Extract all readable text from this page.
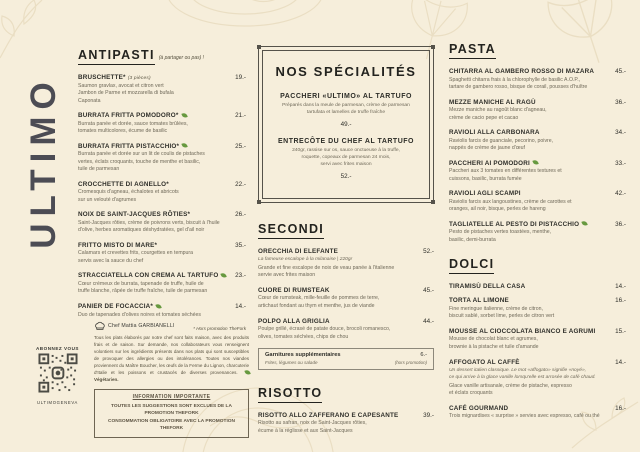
ULTIMO
ANTIPASTI (à partager ou pas) !
BRUSCHETTE* (3 pièces)	19.-
Saumon gravlax, avocat et citron vert
Jambon de Parme et mozzarella di bufala
Caponata
BURRATA FRITTA POMODORO*	21.-
Burrata panée et dorée, sauce tomates brûlées,
tomates multicolores, écume de basilic
BURRATA FRITTA PISTACCHIO*	25.-
Burrata panée et dorée sur un lit de coulis de pistaches
vertes, éclats croquants, touche de menthe et basilic,
tuile de parmesan
CROCCHETTE DI AGNELLO*	22.-
Cromesquis d'agneau, échalotes et abricots
sur un velouté d'agrumes
NOIX DE SAINT-JACQUES RÔTIES*	26.-
Saint-Jacques rôties, crème de poivrons verts, biscuit à l'huile
d'olive, herbes aromatiques déshydratées, gel d'ail noir
FRITTO MISTO DI MARE*	35.-
Calamars et crevettes frits, courgettes en tempura
servis avec la sauce du chef
STRACCIATELLA CON CREMA AL TARTUFO	23.-
Cœur crémeux de burrata, tapenade de truffe, huile de
truffe blanche, râpée de truffe fraîche, tuile de parmesan
PANIER DE FOCACCIA*	14.-
Duo de tapenades d'olives noires et tomates séchées
* Hors promotion TheFork
NOS SPÉCIALITÉS
PACCHERI «ULTIMO» AL TARTUFO
Préparés dans la meule de parmesan, crème de parmesan
tartufata et lamelles de truffe fraîche
49.-
ENTRECÔTE DU CHEF AL TARTUFO
240gr, rassise sur os, sauce onctueuse à la truffe,
roquette, copeaux de parmesan 24 mois,
servi avec frites maison
52.-
SECONDI
ORECCHIA DI ELEFANTE	52.-
La fameuse escalope à la milanaise | 220gr
Grande et fine escalope de noix de veau panée à l'italienne
servie avec frites maison
CUORE DI RUMSTEAK	45.-
Cœur de rumsteak, mille-feuille de pommes de terre,
artichaut fondant au thym et menthe, jus de viande
POLPO ALLA GRIGLIA	44.-
Poulpe grillé, écrasé de patate douce, brocoli romanesco,
olives, tomates séchées, chips de chou
Garnitures supplémentaires
Frites, légumes ou salade
6.-
(hors promotion)
RISOTTO
RISOTTO ALLO ZAFFERANO E CAPESANTE	39.-
Risotto au safran, noix de Saint-Jacques rôties,
écume à la réglisse et aux Saint-Jacques
PASTA
CHITARRA AL GAMBERO ROSSO DI MAZARA	45.-
Spaghetti chitarra frais à la chlorophylle de basilic A.O.P.,
tartare de gambero rosso, bisque de corail, pousses d'huître
MEZZE MANICHE AL RAGÙ	36.-
Mezze maniche au ragoût blanc d'agneau,
crème de cacio pepe et cacao
RAVIOLI ALLA CARBONARA	34.-
Raviolis farcis de guanciale, pecorino, poivre,
nappés de crème de jaune d'œuf
PACCHERI AI POMODORI	33.-
Paccheri aux 3 tomates en différentes textures et
cuissons, basilic, burrata fumée
RAVIOLI AGLI SCAMPI	42.-
Raviolis farcis aux langoustines, crème de carottes et
oranges, ail noir, bisque, perles de hareng
TAGLIATELLE AL PESTO DI PISTACCHIO	36.-
Pesto de pistaches vertes toastées, menthe,
basilic, demi-burrata
DOLCI
TIRAMISÙ DELLA CASA	14.-
TORTA AL LIMONE	16.-
Fine meringue italienne, crème de citron,
biscuit sablé, sorbet lime, perles de citron vert
MOUSSE AL CIOCCOLATA BIANCO E AGRUMI	15.-
Mousse de chocolat blanc et agrumes,
brownie à la pistache et tuile d'amande
AFFOGATO AL CAFFÈ	14.-
Un dessert italien classique. Le mot «affogato» signifie «noyé»,
ce qui arrive à la glace vanille lorsqu'elle est arrosée de café chaud.
Glace vanille artisanale, crème de pistache, espresso
et éclats croquants
CAFÉ GOURMAND	16.-
Trois mignardises « surprise » servies avec espresso, café ou thé
ABONNEZ VOUS
ULTIMOGENEVA
Chef Mattia GARBIANELLI
Tous les plats élaborés par notre chef sont faits maison, avec des produits frais et de saison. Sur demande, nos collaborateurs vous renseignent volontiers sur les ingrédients présents dans nos plats qui sont susceptibles de provoquer des allergies ou des intolérances. Toutes nos viandes proviennent du Maître Boucher, les œufs de la Ferme du Lignon, charcuterie d'Italie et les poissons et crustacés de diverses provenances.  Végétarien.
INFORMATION IMPORTANTE
TOUTES LES SUGGESTIONS SONT EXCLUES DE LA PROMOTION THEFORK
CONSOMMATION OBLIGATOIRE AVEC LA PROMOTION THEFORK
